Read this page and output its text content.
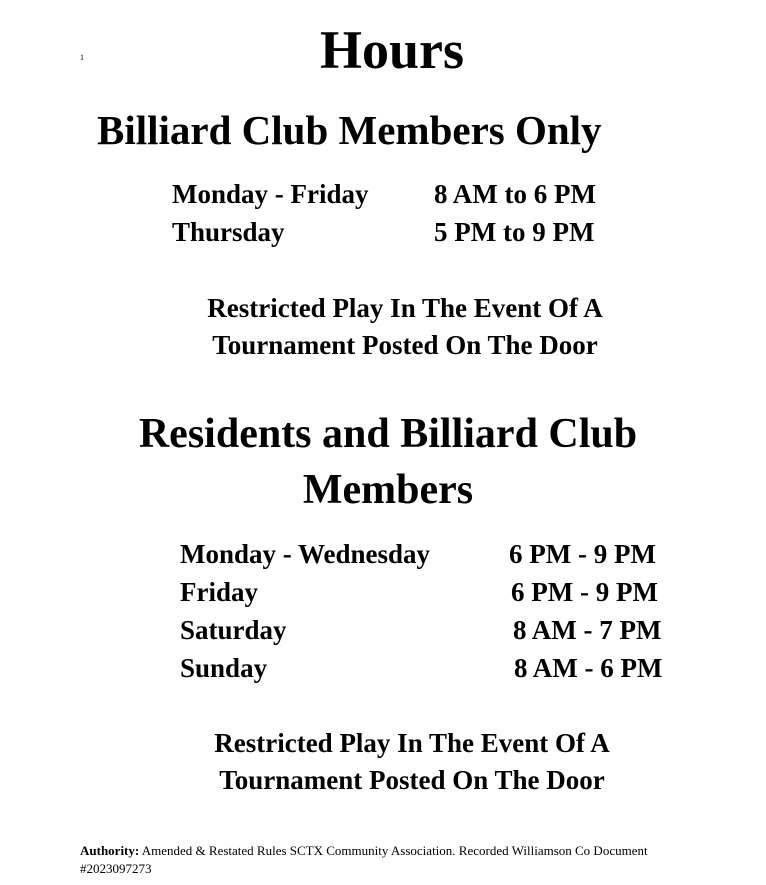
1	Hours
Billiard Club Members Only
Monday - Friday 8 AM to 6 PM
Thursday	5 PM to 9 PM
Restricted Play In The Event Of A
Tournament Posted On The Door
Residents and Billiard Club
Members
Monday - Wednesday	6 PM - 9 PM
Friday	6 PM - 9 PM
Saturday	8 AM - 7 PM
Sunday	8 AM - 6 PM
Restricted Play In The Event Of A
Tournament Posted On The Door
Authority: Amended & Restated Rules SCTX Community Association. Recorded Williamson Co Document #2023097273
